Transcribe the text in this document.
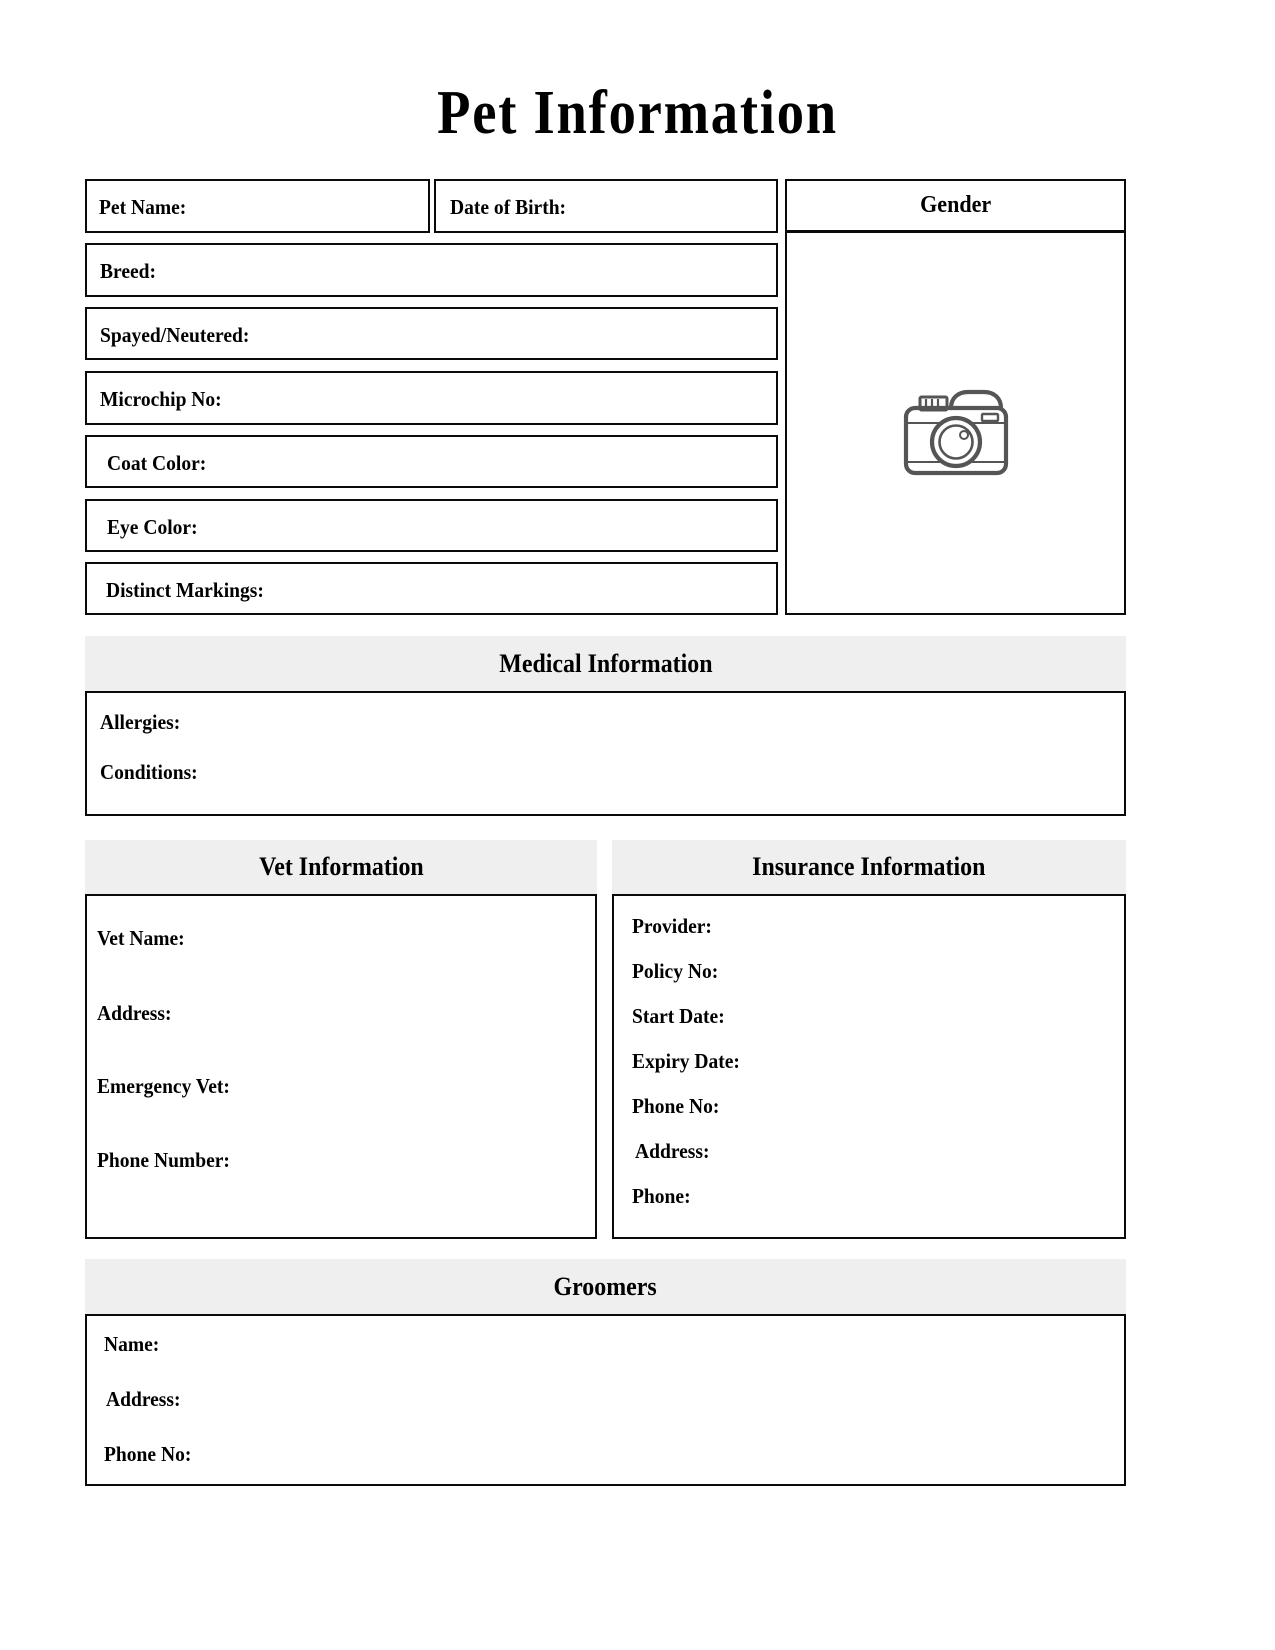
Pet Information
Pet Name:	Date of Birth:
Breed:
Spayed/Neutered:
Microchip No:
Coat Color:
Eye Color:
Distinct Markings:
Gender
Medical Information
Allergies:
Conditions:
Vet Information
Vet Name:
Address:
Emergency Vet:
Phone Number:
Insurance Information
Provider:
Policy No:
Start Date:
Expiry Date:
Phone No:
Address:
Phone:
Groomers
Name:
Address:
Phone No:
